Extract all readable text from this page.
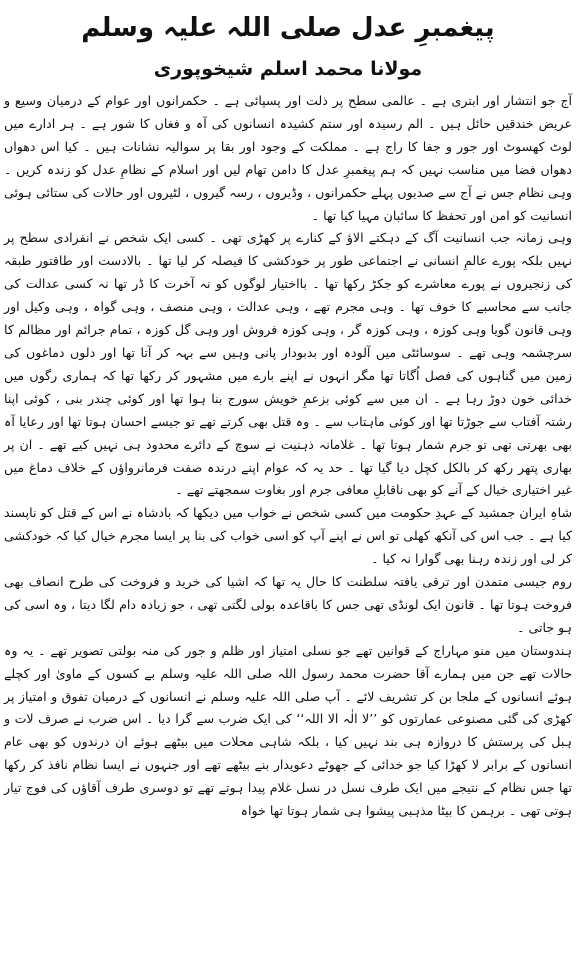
پیغمبرِ عدل صلی اللہ علیہ وسلم
مولانا محمد اسلم شیخوپوری

آج جو انتشار اور ابتری ہے ۔ عالمی سطح پر ذلت اور پسپائی ہے ۔ حکمرانوں اور عوام کے درمیان وسیع و عریض خندقیں حائل ہیں ۔ الم رسیدہ اور ستم کشیدہ انسانوں کی آہ و فغاں کا شور ہے ۔ ہر ادارے میں لوٹ کھسوٹ اور جور و جفا کا راج ہے ۔ مملکت کے وجود اور بقا پر سوالیہ نشانات ہیں ۔ کیا اس دھواں دھواں فضا میں مناسب نہیں کہ ہم پیغمبرِ عدل کا دامن تھام لیں اور اسلام کے نظامِ عدل کو زندہ کریں ۔ وہی نظام جس نے آج سے صدیوں پہلے حکمرانوں ، وڈیروں ، رسہ گیروں ، لٹیروں اور حالات کی ستائی ہوئی انسانیت کو امن اور تحفظ کا سائبان مہیا کیا تھا ۔

وہی زمانہ جب انسانیت آگ کے دہکتے الاؤ کے کنارے پر کھڑی تھی ۔ کسی ایک شخص نے انفرادی سطح پر نہیں بلکہ پورے عالمِ انسانی نے اجتماعی طور پر خودکشی کا فیصلہ کر لیا تھا ۔ بالادست اور طاقتور طبقہ کی زنجیروں نے پورے معاشرے کو جکڑ رکھا تھا ۔ بااختیار لوگوں کو نہ آخرت کا ڈر تھا نہ کسی عدالت کی جانب سے محاسبے کا خوف تھا ۔ وہی مجرم تھے ، وہی عدالت ، وہی منصف ، وہی گواہ ، وہی وکیل اور وہی قانون گویا وہی کوزہ ، وہی کوزہ گر ، وہی کوزہ فروش اور وہی گل کوزہ ، تمام جرائم اور مظالم کا سرچشمہ وہی تھے ۔ سوسائٹی میں آلودہ اور بدبودار پانی وہیں سے بہہ کر آتا تھا اور دلوں دماغوں کی زمین میں گناہوں کی فصل اُگاتا تھا مگر انہوں نے اپنے بارے میں مشہور کر رکھا تھا کہ ہماری رگوں میں خدائی خون دوڑ رہا ہے ۔ ان میں سے کوئی بزعمِ خویش سورج بنا ہوا تھا اور کوئی چندر بنی ، کوئی اپنا رشتہ آفتاب سے جوڑتا تھا اور کوئی ماہتاب سے ۔ وہ قتل بھی کرتے تھے تو جیسے احسان ہوتا تھا اور رعایا آہ بھی بھرتی تھی تو جرم شمار ہوتا تھا ۔ غلامانہ ذہنیت نے سوچ کے دائرے محدود ہی نہیں کیے تھے ۔ ان پر بھاری پتھر رکھ کر بالکل کچل دیا گیا تھا ۔ حد یہ کہ عوام اپنے درندہ صفت فرمانرواؤں کے خلاف دماغ میں غیر اختیاری خیال کے آنے کو بھی ناقابلِ معافی جرم اور بغاوت سمجھتے تھے ۔

شاہِ ایران جمشید کے عہدِ حکومت میں کسی شخص نے خواب میں دیکھا کہ بادشاہ نے اس کے قتل کو ناپسند کیا ہے ۔ جب اس کی آنکھ کھلی تو اس نے اپنے آپ کو اسی خواب کی بنا پر ایسا مجرم خیال کیا کہ خودکشی کر لی اور زندہ رہنا بھی گوارا نہ کیا ۔

روم جیسی متمدن اور ترقی یافتہ سلطنت کا حال یہ تھا کہ اشیا کی خرید و فروخت کی طرح انصاف بھی فروخت ہوتا تھا ۔ قانون ایک لونڈی تھی جس کا باقاعدہ بولی لگتی تھی ، جو زیادہ دام لگا دیتا ، وہ اسی کی ہو جاتی ۔

ہندوستان میں منو مہاراج کے قوانین تھے جو نسلی امتیاز اور ظلم و جور کی منہ بولتی تصویر تھے ۔ یہ وہ حالات تھے جن میں ہمارے آقا حضرت محمد رسول اللہ صلی اللہ علیہ وسلم بے کسوں کے ماویٰ اور کچلے ہوئے انسانوں کے ملجا بن کر تشریف لائے ۔ آپ صلی اللہ علیہ وسلم نے انسانوں کے درمیان تفوق و امتیاز پر کھڑی کی گئی مصنوعی عمارتوں کو ’’لا الٰہ الا اللہ‘‘ کی ایک ضرب سے گرا دیا ۔ اس ضرب نے صرف لات و ہبل کی پرستش کا دروازہ ہی بند نہیں کیا ، بلکہ شاہی محلات میں بیٹھے ہوئے ان درندوں کو بھی عام انسانوں کے برابر لا کھڑا کیا جو خدائی کے جھوٹے دعویدار بنے بیٹھے تھے اور جنہوں نے ایسا نظام نافذ کر رکھا تھا جس نظام کے نتیجے میں ایک طرف نسل در نسل غلام پیدا ہوتے تھے تو دوسری طرف آقاؤں کی فوج تیار ہوتی تھی ۔ برہمن کا بیٹا مذہبی پیشوا ہی شمار ہوتا تھا خواہ
